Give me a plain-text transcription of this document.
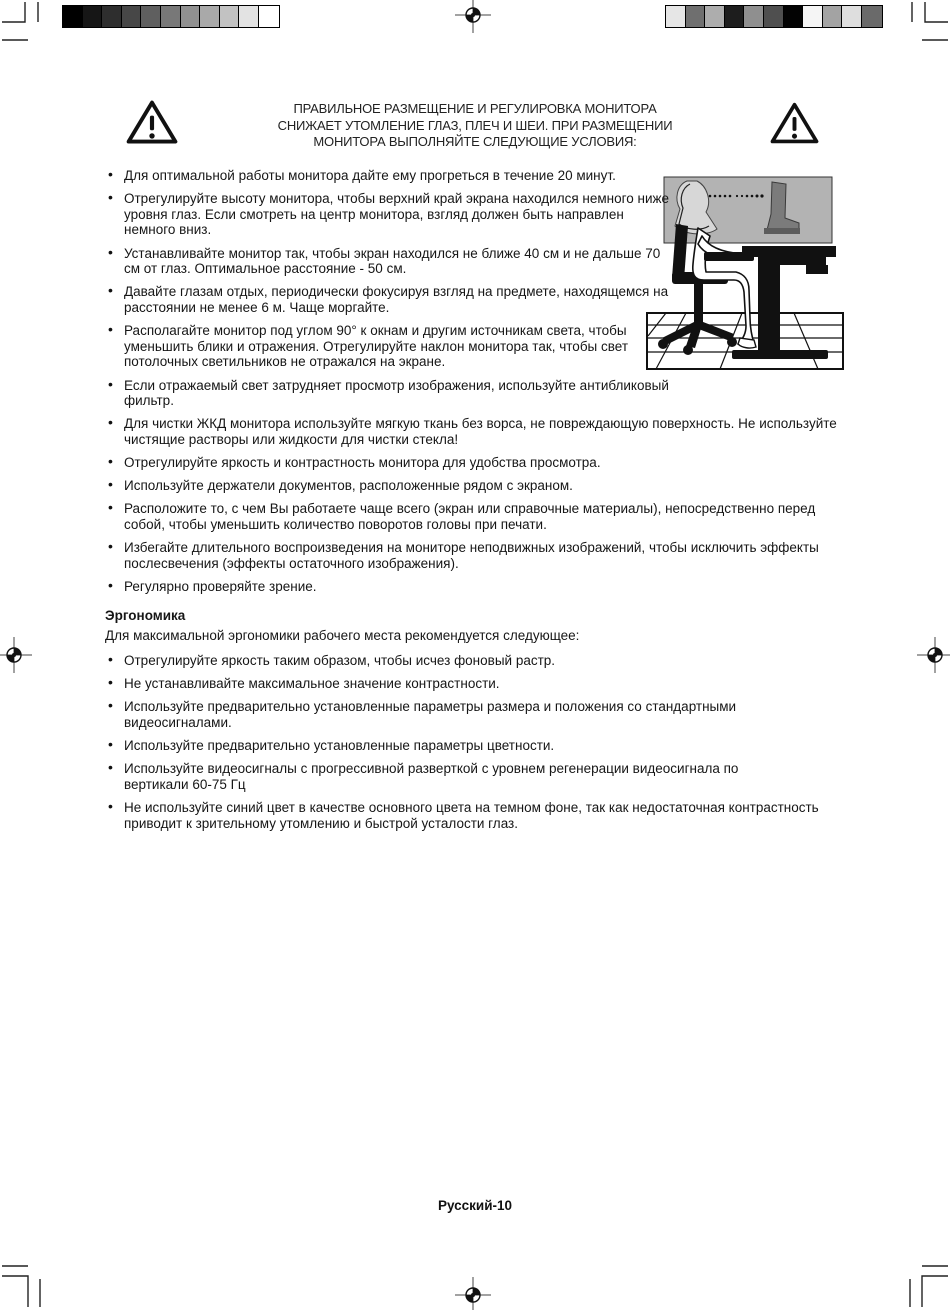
ПРАВИЛЬНОЕ РАЗМЕЩЕНИЕ И РЕГУЛИРОВКА МОНИТОРА
СНИЖАЕТ УТОМЛЕНИЕ ГЛАЗ, ПЛЕЧ И ШЕИ. ПРИ РАЗМЕЩЕНИИ
МОНИТОРА ВЫПОЛНЯЙТЕ СЛЕДУЮЩИЕ УСЛОВИЯ:
• Для оптимальной работы монитора дайте ему прогреться в течение 20 минут.
• Отрегулируйте высоту монитора, чтобы верхний край экрана находился немного ниже уровня глаз. Если смотреть на центр монитора, взгляд должен быть направлен немного вниз.
• Устанавливайте монитор так, чтобы экран находился не ближе 40 см и не дальше 70 см от глаз. Оптимальное расстояние - 50 см.
• Давайте глазам отдых, периодически фокусируя взгляд на предмете, находящемся на расстоянии не менее 6 м. Чаще моргайте.
• Располагайте монитор под углом 90° к окнам и другим источникам света, чтобы уменьшить блики и отражения. Отрегулируйте наклон монитора так, чтобы свет потолочных светильников не отражался на экране.
• Если отражаемый свет затрудняет просмотр изображения, используйте антибликовый фильтр.
• Для чистки ЖКД монитора используйте мягкую ткань без ворса, не повреждающую поверхность. Не используйте чистящие растворы или жидкости для чистки стекла!
• Отрегулируйте яркость и контрастность монитора для удобства просмотра.
• Используйте держатели документов, расположенные рядом с экраном.
• Расположите то, с чем Вы работаете чаще всего (экран или справочные материалы), непосредственно перед собой, чтобы уменьшить количество поворотов головы при печати.
• Избегайте длительного воспроизведения на мониторе неподвижных изображений, чтобы исключить эффекты послесвечения (эффекты остаточного изображения).
• Регулярно проверяйте зрение.
Эргономика

Для максимальной эргономики рабочего места рекомендуется следующее:

• Отрегулируйте яркость таким образом, чтобы исчез фоновый растр.
• Не устанавливайте максимальное значение контрастности.
• Используйте предварительно установленные параметры размера и положения со стандартными видеосигналами.
• Используйте предварительно установленные параметры цветности.
• Используйте видеосигналы с прогрессивной разверткой с уровнем регенерации видеосигнала по вертикали 60-75 Гц
• Не используйте синий цвет в качестве основного цвета на темном фоне, так как недостаточная контрастность приводит к зрительному утомлению и быстрой усталости глаз.
Русский-10
